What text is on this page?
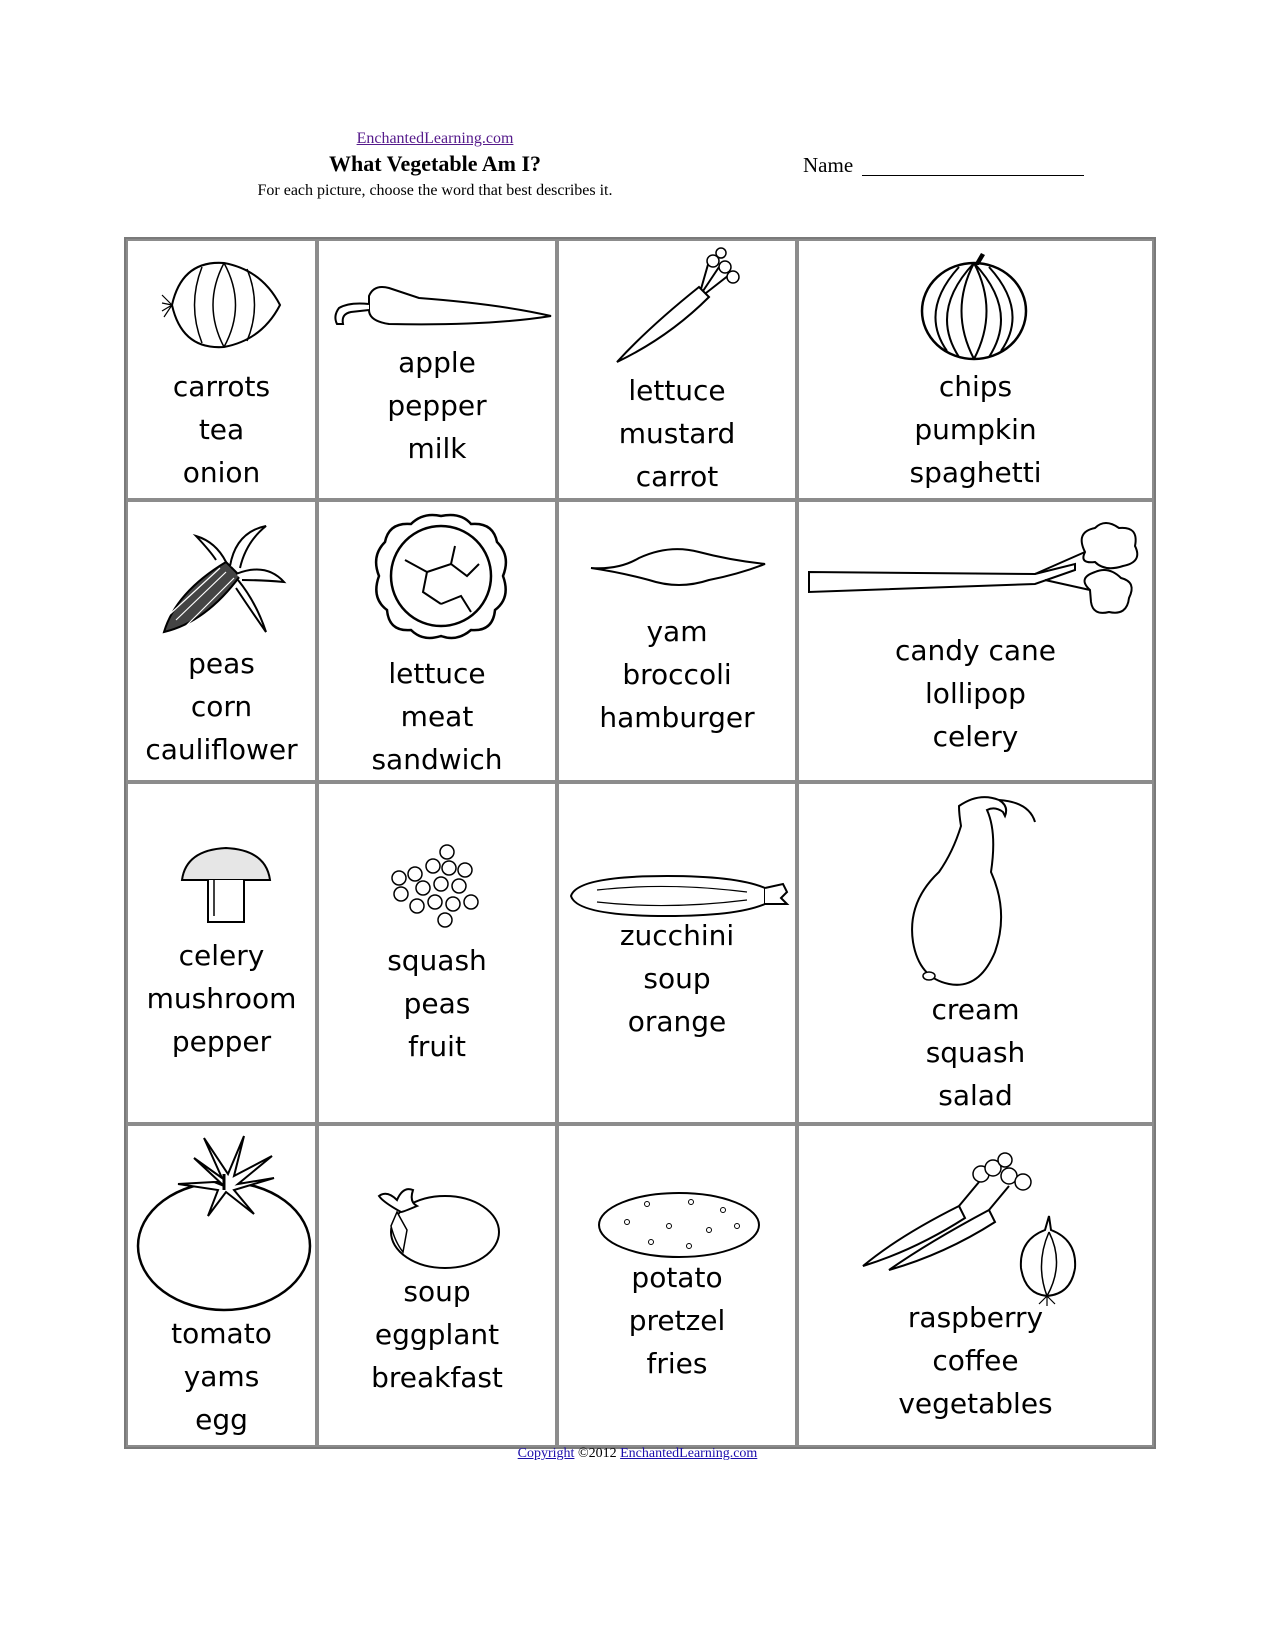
EnchantedLearning.com
What Vegetable Am I?
For each picture, choose the word that best describes it.
Name
carrots
tea
onion
apple
pepper
milk
lettuce
mustard
carrot
chips
pumpkin
spaghetti
peas
corn
cauliflower
lettuce
meat
sandwich
yam
broccoli
hamburger
candy cane
lollipop
celery
celery
mushroom
pepper
squash
peas
fruit
zucchini
soup
orange	cream
squash
salad
tomato
yams
egg
soup
eggplant
breakfast
potato
pretzel
fries
raspberry
coffee
vegetables
Copyright ©2012 EnchantedLearning.com
